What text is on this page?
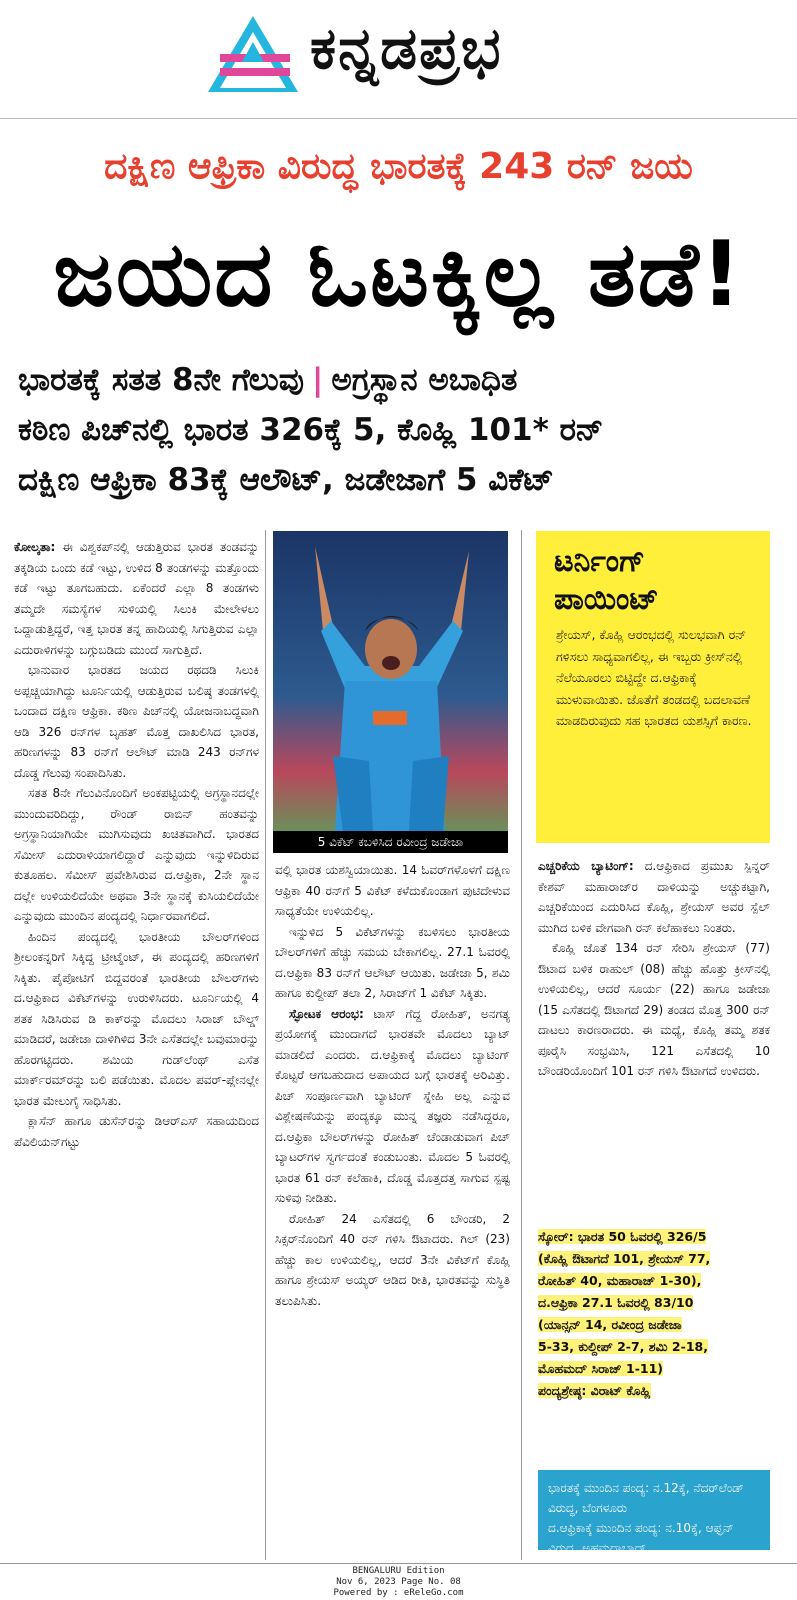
ಕನ್ನಡಪ್ರಭ
ದಕ್ಷಿಣ ಆಫ್ರಿಕಾ ವಿರುದ್ಧ ಭಾರತಕ್ಕೆ 243 ರನ್ ಜಯ
ಜಯದ ಓಟಕ್ಕಿಲ್ಲ ತಡೆ!
ಭಾರತಕ್ಕೆ ಸತತ 8ನೇ ಗೆಲುವು | ಅಗ್ರಸ್ಥಾನ ಅಬಾಧಿತ
ಕಠಿಣ ಪಿಚ್‌ನಲ್ಲಿ ಭಾರತ 326ಕ್ಕೆ 5, ಕೊಹ್ಲಿ 101* ರನ್
ದಕ್ಷಿಣ ಆಫ್ರಿಕಾ 83ಕ್ಕೆ ಆಲೌಟ್, ಜಡೇಜಾಗೆ 5 ವಿಕೆಟ್

ಕೋಲ್ಕತಾ: ಈ ವಿಶ್ವಕಪ್‌ನಲ್ಲಿ ಆಡುತ್ತಿರುವ ಭಾರತ ತಂಡವನ್ನು ತಕ್ಕಡಿಯ ಒಂದು ಕಡೆ ಇಟ್ಟು, ಉಳಿದ 8 ತಂಡಗಳನ್ನು ಮತ್ತೊಂದು ಕಡೆ ಇಟ್ಟು ತೂಗಬಹುದು. ಏಕೆಂದರೆ ಎಲ್ಲಾ 8 ತಂಡಗಳು ತಮ್ಮದೇ ಸಮಸ್ಯೆಗಳ ಸುಳಿಯಲ್ಲಿ ಸಿಲುಕಿ ಮೇಲೇಳಲು ಒದ್ದಾಡುತ್ತಿದ್ದರೆ, ಇತ್ತ ಭಾರತ ತನ್ನ ಹಾದಿಯಲ್ಲಿ ಸಿಗುತ್ತಿರುವ ಎಲ್ಲಾ ಎದುರಾಳಿಗಳನ್ನು ಬಗ್ಗುಬಡಿದು ಮುಂದೆ ಸಾಗುತ್ತಿದೆ.

ಭಾನುವಾರ ಭಾರತದ ಜಯದ ರಥದಡಿ ಸಿಲುಕಿ ಅಪ್ಪಚ್ಚಿಯಾಗಿದ್ದು ಟೂರ್ನಿಯಲ್ಲಿ ಆಡುತ್ತಿರುವ ಬಲಿಷ್ಠ ತಂಡಗಳಲ್ಲಿ ಒಂದಾದ ದಕ್ಷಿಣ ಆಫ್ರಿಕಾ. ಕಠಿಣ ಪಿಚ್‌ನಲ್ಲಿ ಯೋಜನಾಬದ್ಧವಾಗಿ ಆಡಿ 326 ರನ್‌ಗಳ ಬೃಹತ್ ಮೊತ್ತ ದಾಖಲಿಸಿದ ಭಾರತ, ಹರಿಣಗಳನ್ನು 83 ರನ್‌ಗೆ ಆಲೌಟ್ ಮಾಡಿ 243 ರನ್‌ಗಳ ದೊಡ್ಡ ಗೆಲುವು ಸಂಪಾದಿಸಿತು.

ಸತತ 8ನೇ ಗೆಲುವಿನೊಂದಿಗೆ ಅಂಕಪಟ್ಟಿಯಲ್ಲಿ ಅಗ್ರಸ್ಥಾನದಲ್ಲೇ ಮುಂದುವರಿದಿದ್ದು, ರೌಂಡ್ ರಾಬಿನ್ ಹಂತವನ್ನು ಅಗ್ರಸ್ಥಾನಿಯಾಗಿಯೇ ಮುಗಿಸುವುದು ಖಚಿತವಾಗಿದೆ. ಭಾರತದ ಸೆಮೀಸ್ ಎದುರಾಳಿಯಾಗಲಿದ್ದಾರೆ ಎನ್ನುವುದು ಇನ್ನುಳಿದಿರುವ ಕುತೂಹಲ. ಸೆಮೀಸ್ ಪ್ರವೇಶಿಸಿರುವ ದ.ಆಫ್ರಿಕಾ, 2ನೇ ಸ್ಥಾನ ದಲ್ಲೇ ಉಳಿಯಲಿದೆಯೇ ಅಥವಾ 3ನೇ ಸ್ಥಾನಕ್ಕೆ ಕುಸಿಯಲಿದೆಯೇ ಎನ್ನುವುದು ಮುಂದಿನ ಪಂದ್ಯದಲ್ಲಿ ನಿರ್ಧಾರವಾಗಲಿದೆ.

ಹಿಂದಿನ ಪಂದ್ಯದಲ್ಲಿ ಭಾರತೀಯ ಬೌಲರ್‌ಗಳಿಂದ ಶ್ರೀಲಂಕನ್ನರಿಗೆ ಸಿಕ್ಕಿದ್ದ ಟ್ರೀಟ್ಮೆಂಟ್, ಈ ಪಂದ್ಯದಲ್ಲಿ ಹರಿಣಗಳಿಗೆ ಸಿಕ್ಕಿತು. ಪೈಪೋಟಿಗೆ ಬಿದ್ದವರಂತೆ ಭಾರತೀಯ ಬೌಲರ್‌ಗಳು ದ.ಆಫ್ರಿಕಾದ ವಿಕೆಟ್‌ಗಳನ್ನು ಉರುಳಿಸಿದರು. ಟೂರ್ನಿಯಲ್ಲಿ 4 ಶತಕ ಸಿಡಿಸಿರುವ ಡಿ ಕಾಕ್‌ರನ್ನು ಮೊದಲು ಸಿರಾಜ್ ಬೌಲ್ಡ್ ಮಾಡಿದರೆ, ಜಡೇಜಾ ದಾಳಿಗಿಳಿದ 3ನೇ ಎಸೆತದಲ್ಲೇ ಬವುಮಾರನ್ನು ಹೊರಗಟ್ಟಿದರು. ಶಮಿಯ ಗುಡ್‌ಲೆಂಥ್ ಎಸೆತ ಮಾರ್ಕ್‌ರಮ್‌ರನ್ನು ಬಲಿ ಪಡೆಯಿತು. ಮೊದಲ ಪವರ್-ಪ್ಲೇನಲ್ಲೇ ಭಾರತ ಮೇಲುಗೈ ಸಾಧಿಸಿತು.

ಕ್ಲಾಸೆನ್ ಹಾಗೂ ಡುಸೆನ್‌ರನ್ನು ಡಿಆರ್‌ಎಸ್ ಸಹಾಯದಿಂದ ಪೆವಿಲಿಯನ್‌ಗಟ್ಟು

5 ವಿಕೆಟ್ ಕಬಳಿಸಿದ ರವೀಂದ್ರ ಜಡೇಜಾ

ವಲ್ಲಿ ಭಾರತ ಯಶಸ್ವಿಯಾಯಿತು. 14 ಓವರ್‌ಗಳೊಳಗೆ ದಕ್ಷಿಣ ಆಫ್ರಿಕಾ 40 ರನ್‌ಗೆ 5 ವಿಕೆಟ್ ಕಳೆದುಕೊಂಡಾಗ ಪುಟಿದೇಳುವ ಸಾಧ್ಯತೆಯೇ ಉಳಿಯಲಿಲ್ಲ.

ಇನ್ನುಳಿದ 5 ವಿಕೆಟ್‌ಗಳನ್ನು ಕಬಳಿಸಲು ಭಾರತೀಯ ಬೌಲರ್‌ಗಳಿಗೆ ಹೆಚ್ಚು ಸಮಯ ಬೇಕಾಗಲಿಲ್ಲ. 27.1 ಓವರಲ್ಲಿ ದ.ಆಫ್ರಿಕಾ 83 ರನ್‌ಗೆ ಆಲೌಟ್ ಆಯಿತು. ಜಡೇಜಾ 5, ಶಮಿ ಹಾಗೂ ಕುಲ್ದೀಪ್ ತಲಾ 2, ಸಿರಾಜ್‌ಗೆ 1 ವಿಕೆಟ್ ಸಿಕ್ಕಿತು.

ಸ್ಫೋಟಕ ಆರಂಭ: ಟಾಸ್ ಗೆದ್ದ ರೋಹಿತ್, ಅನಗತ್ಯ ಪ್ರಯೋಗಕ್ಕೆ ಮುಂದಾಗದೆ ಭಾರತವೇ ಮೊದಲು ಬ್ಯಾಟ್ ಮಾಡಲಿದೆ ಎಂದರು. ದ.ಆಫ್ರಿಕಾಕ್ಕೆ ಮೊದಲು ಬ್ಯಾಟಿಂಗ್ ಕೊಟ್ಟರೆ ಆಗಬಹುದಾದ ಅಪಾಯದ ಬಗ್ಗೆ ಭಾರತಕ್ಕೆ ಅರಿವಿತ್ತು. ಪಿಚ್ ಸಂಪೂರ್ಣವಾಗಿ ಬ್ಯಾಟಿಂಗ್ ಸ್ನೇಹಿ ಅಲ್ಲ ಎನ್ನುವ ವಿಶ್ಲೇಷಣೆಯನ್ನು ಪಂದ್ಯಕ್ಕೂ ಮುನ್ನ ತಜ್ಞರು ನಡೆಸಿದ್ದರೂ, ದ.ಆಫ್ರಿಕಾ ಬೌಲರ್‌ಗಳನ್ನು ರೋಹಿತ್ ಚೆಂಡಾಡುವಾಗ ಪಿಚ್ ಬ್ಯಾಟರ್‌ಗಳ ಸ್ವರ್ಗದಂತೆ ಕಂಡುಬಂತು. ಮೊದಲ 5 ಓವರಲ್ಲಿ ಭಾರತ 61 ರನ್ ಕಲೆಹಾಕಿ, ದೊಡ್ಡ ಮೊತ್ತದತ್ತ ಸಾಗುವ ಸ್ಪಷ್ಟ ಸುಳಿವು ನೀಡಿತು.

ರೋಹಿತ್ 24 ಎಸೆತದಲ್ಲಿ 6 ಬೌಂಡರಿ, 2 ಸಿಕ್ಸರ್‌ನೊಂದಿಗೆ 40 ರನ್ ಗಳಿಸಿ ಔಟಾದರು. ಗಿಲ್ (23) ಹೆಚ್ಚು ಕಾಲ ಉಳಿಯಲಿಲ್ಲ, ಆದರೆ 3ನೇ ವಿಕೆಟ್‌ಗೆ ಕೊಹ್ಲಿ ಹಾಗೂ ಶ್ರೇಯಸ್ ಅಯ್ಯರ್ ಆಡಿದ ರೀತಿ, ಭಾರತವನ್ನು ಸುಸ್ಥಿತಿ ತಲುಪಿಸಿತು.

ಟರ್ನಿಂಗ್
ಪಾಯಿಂಟ್
ಶ್ರೇಯಸ್, ಕೊಹ್ಲಿ ಆರಂಭದಲ್ಲಿ ಸುಲಭವಾಗಿ ರನ್ ಗಳಿಸಲು ಸಾಧ್ಯವಾಗಲಿಲ್ಲ, ಈ ಇಬ್ಬರು ಕ್ರೀಸ್‌ನಲ್ಲಿ ನೆಲೆಯೂರಲು ಬಿಟ್ಟಿದ್ದೇ ದ.ಆಫ್ರಿಕಾಕ್ಕೆ ಮುಳುವಾಯಿತು. ಜೊತೆಗೆ ತಂಡದಲ್ಲಿ ಬದಲಾವಣೆ ಮಾಡದಿರುವುದು ಸಹ ಭಾರತದ ಯಶಸ್ಸಿಗೆ ಕಾರಣ.

ಎಚ್ಚರಿಕೆಯ ಬ್ಯಾಟಿಂಗ್: ದ.ಆಫ್ರಿಕಾದ ಪ್ರಮುಖ ಸ್ಪಿನ್ನರ್ ಕೇಶವ್ ಮಹಾರಾಜ್‌ರ ದಾಳಿಯನ್ನು ಅಚ್ಚುಕಟ್ಟಾಗಿ, ಎಚ್ಚರಿಕೆಯಿಂದ ಎದುರಿಸಿದ ಕೊಹ್ಲಿ, ಶ್ರೇಯಸ್ ಅವರ ಸ್ಪೆಲ್ ಮುಗಿದ ಬಳಿಕ ವೇಗವಾಗಿ ರನ್ ಕಲೆಹಾಕಲು ನಿಂತರು.

ಕೊಹ್ಲಿ ಜೊತೆ 134 ರನ್ ಸೇರಿಸಿ ಶ್ರೇಯಸ್ (77) ಔಟಾದ ಬಳಿಕ ರಾಹುಲ್ (08) ಹೆಚ್ಚು ಹೊತ್ತು ಕ್ರೀಸ್‌ನಲ್ಲಿ ಉಳಿಯಲಿಲ್ಲ, ಆದರೆ ಸೂರ್ಯ (22) ಹಾಗೂ ಜಡೇಜಾ (15 ಎಸೆತದಲ್ಲಿ ಔಟಾಗದೆ 29) ತಂಡದ ಮೊತ್ತ 300 ರನ್ ದಾಟಲು ಕಾರಣರಾದರು. ಈ ಮಧ್ಯೆ, ಕೊಹ್ಲಿ ತಮ್ಮ ಶತಕ ಪೂರೈಸಿ ಸಂಭ್ರಮಿಸಿ, 121 ಎಸೆತದಲ್ಲಿ 10 ಬೌಂಡರಿಯೊಂದಿಗೆ 101 ರನ್ ಗಳಿಸಿ ಔಟಾಗದೆ ಉಳಿದರು.

ಸ್ಕೋರ್: ಭಾರತ 50 ಓವರಲ್ಲಿ 326/5
(ಕೊಹ್ಲಿ ಔಟಾಗದೆ 101, ಶ್ರೇಯಸ್ 77,
ರೋಹಿತ್ 40, ಮಹಾರಾಜ್ 1-30),
ದ.ಆಫ್ರಿಕಾ 27.1 ಓವರಲ್ಲಿ 83/10
(ಯಾನ್ಸನ್ 14, ರವೀಂದ್ರ ಜಡೇಜಾ
5-33, ಕುಲ್ದೀಪ್ 2-7, ಶಮಿ 2-18,
ಮೊಹಮದ್ ಸಿರಾಜ್ 1-11)
ಪಂದ್ಯಶ್ರೇಷ್ಠ: ವಿರಾಟ್ ಕೊಹ್ಲಿ
ಭಾರತಕ್ಕೆ ಮುಂದಿನ ಪಂದ್ಯ: ನ.12ಕ್ಕೆ, ನೆದರ್‌ಲೆಂಡ್ ವಿರುದ್ಧ, ಬೆಂಗಳೂರು
ದ.ಆಫ್ರಿಕಾಕ್ಕೆ ಮುಂದಿನ ಪಂದ್ಯ: ನ.10ಕ್ಕೆ, ಆಫ್ಘನ್ ವಿರುದ್ಧ, ಅಹಮದಾಬಾದ್
BENGALURU Edition
Nov 6, 2023 Page No. 08
Powered by : eReleGo.com
